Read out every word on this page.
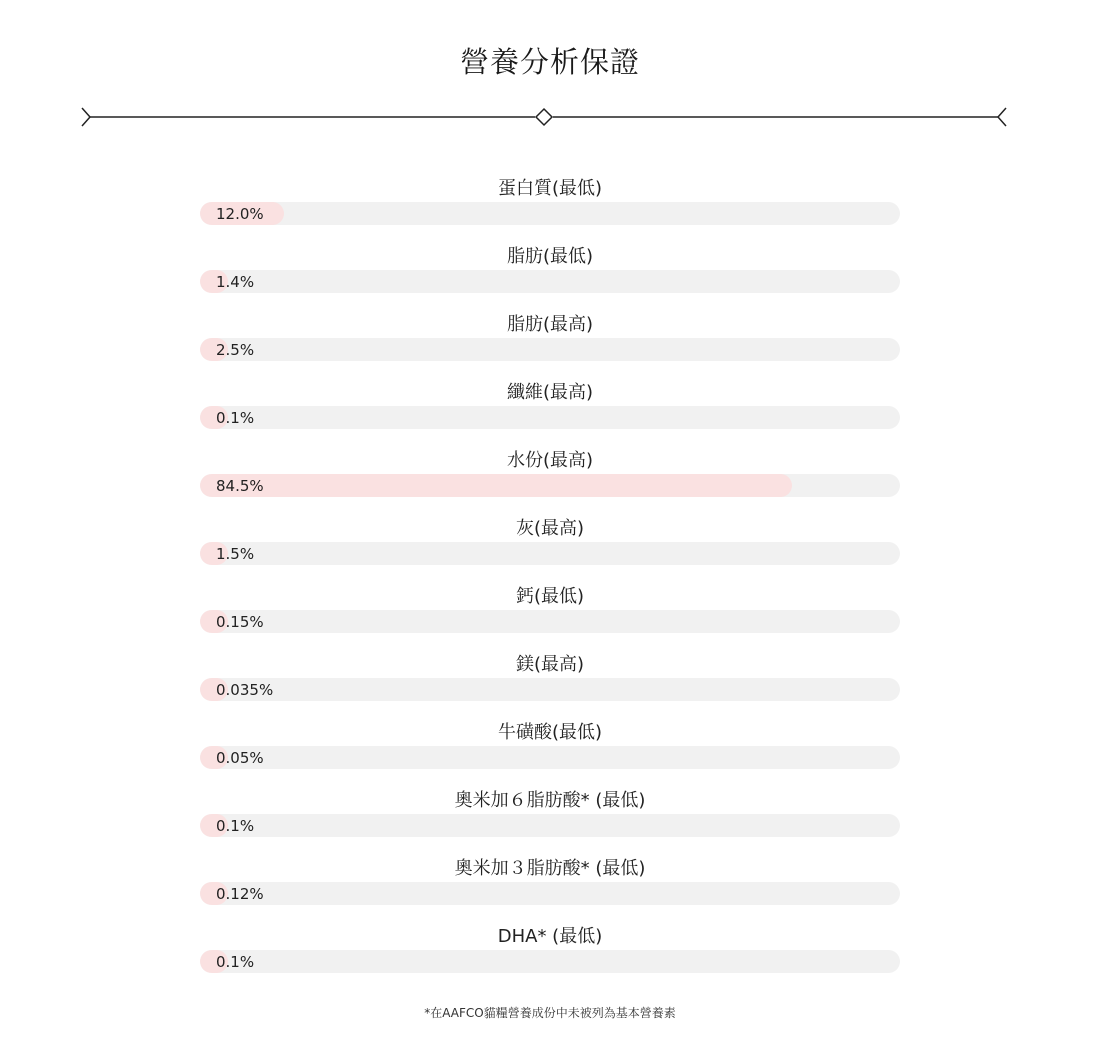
營養分析保證
蛋白質(最低)
12.0%
脂肪(最低)
1.4%
脂肪(最高)
2.5%
纖維(最高)
0.1%
水份(最高)
84.5%
灰(最高)
1.5%
鈣(最低)
0.15%
鎂(最高)
0.035%
牛磺酸(最低)
0.05%
奧米加６脂肪酸* (最低)
0.1%
奧米加３脂肪酸* (最低)
0.12%
DHA* (最低)
0.1%
*在AAFCO貓糧營養成份中未被列為基本營養素
